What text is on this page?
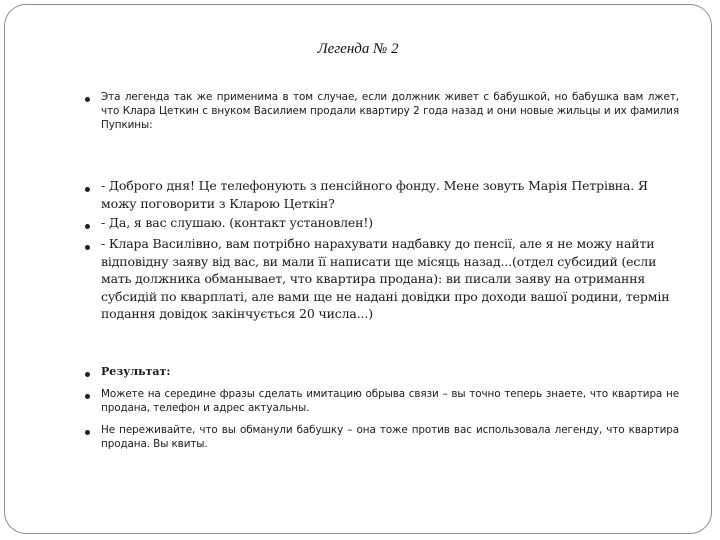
Легенда № 2
Эта легенда так же применима в том случае, если должник живет с бабушкой, но бабушка вам лжет, что Клара Цеткин с внуком Василием продали квартиру 2 года назад и они новые жильцы и их фамилия Пупкины:
- Доброго дня! Це телефонують з пенсійного фонду. Мене зовуть Марія Петрівна. Я можу поговорити з Кларою Цеткін?
- Да, я вас слушаю. (контакт установлен!)
- Клара Василівно, вам потрібно нарахувати надбавку до пенсії, але я не можу найти відповідну заяву від вас, ви мали її написати ще місяць назад...(отдел субсидий (если мать должника обманывает, что квартира продана): ви писали заяву на отримання субсидій по кварплаті, але вами ще не надані довідки про доходи вашої родини, термін подання довідок закінчується 20 числа...)
Результат:
Можете на середине фразы сделать имитацию обрыва связи – вы точно теперь знаете, что квартира не продана, телефон и адрес актуальны.
Не переживайте, что вы обманули бабушку – она тоже против вас использовала легенду, что квартира продана. Вы квиты.
